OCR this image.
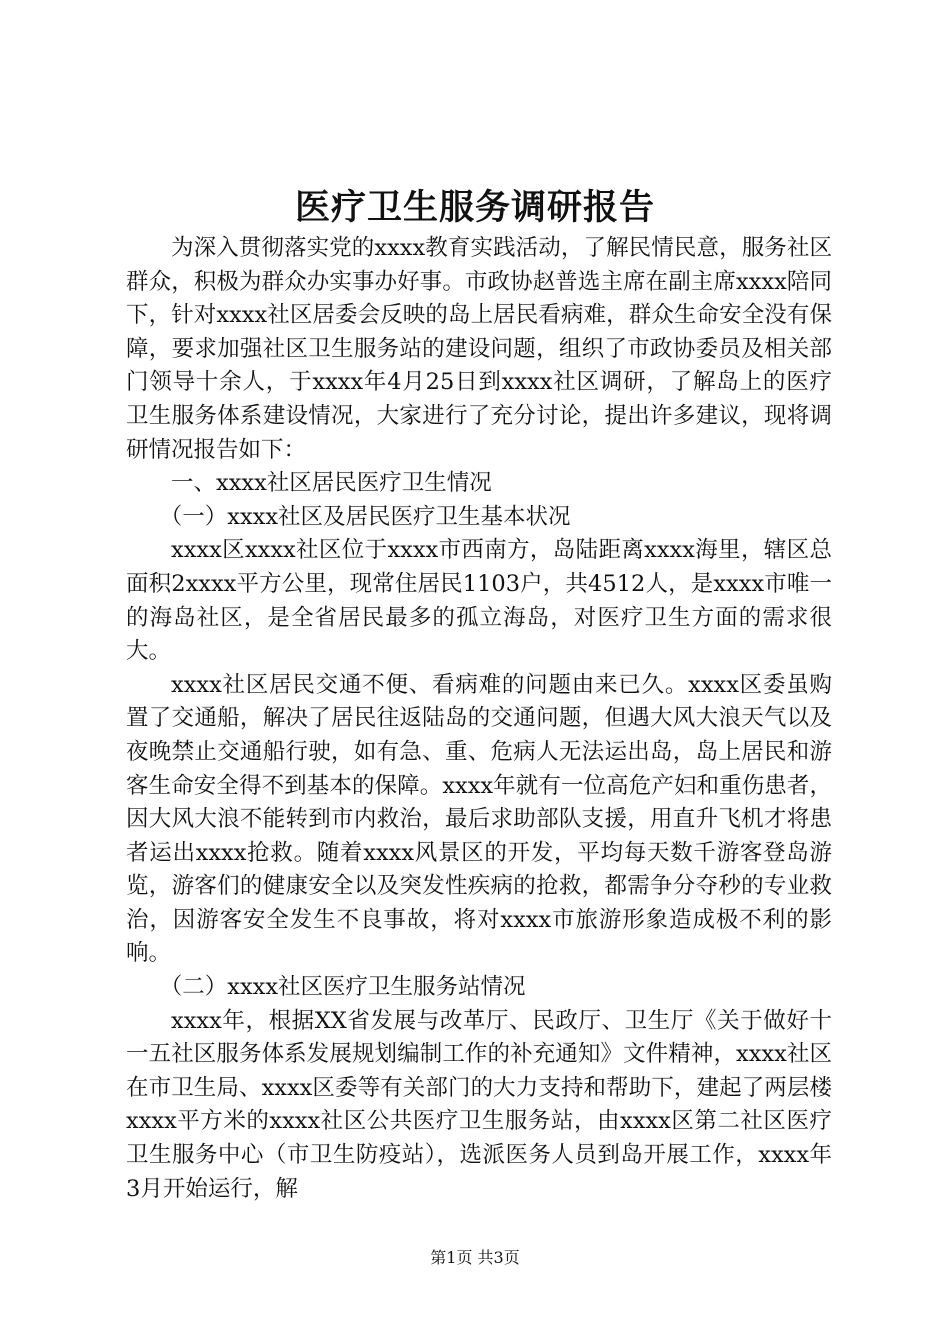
医疗卫生服务调研报告

为深入贯彻落实党的xxxx教育实践活动，了解民情民意，服务社区群众，积极为群众办实事办好事。市政协赵普选主席在副主席xxxx陪同下，针对xxxx社区居委会反映的岛上居民看病难，群众生命安全没有保障，要求加强社区卫生服务站的建设问题，组织了市政协委员及相关部门领导十余人，于xxxx年4月25日到xxxx社区调研，了解岛上的医疗卫生服务体系建设情况，大家进行了充分讨论，提出许多建议，现将调研情况报告如下：

一、xxxx社区居民医疗卫生情况

（一）xxxx社区及居民医疗卫生基本状况

xxxx区xxxx社区位于xxxx市西南方，岛陆距离xxxx海里，辖区总面积2xxxx平方公里，现常住居民1103户，共4512人，是xxxx市唯一的海岛社区，是全省居民最多的孤立海岛，对医疗卫生方面的需求很大。

xxxx社区居民交通不便、看病难的问题由来已久。xxxx区委虽购置了交通船，解决了居民往返陆岛的交通问题，但遇大风大浪天气以及夜晚禁止交通船行驶，如有急、重、危病人无法运出岛，岛上居民和游客生命安全得不到基本的保障。xxxx年就有一位高危产妇和重伤患者，因大风大浪不能转到市内救治，最后求助部队支援，用直升飞机才将患者运出xxxx抢救。随着xxxx风景区的开发，平均每天数千游客登岛游览，游客们的健康安全以及突发性疾病的抢救，都需争分夺秒的专业救治，因游客安全发生不良事故，将对xxxx市旅游形象造成极不利的影响。

（二）xxxx社区医疗卫生服务站情况

xxxx年，根据XX省发展与改革厅、民政厅、卫生厅《关于做好十一五社区服务体系发展规划编制工作的补充通知》文件精神，xxxx社区在市卫生局、xxxx区委等有关部门的大力支持和帮助下，建起了两层楼xxxx平方米的xxxx社区公共医疗卫生服务站，由xxxx区第二社区医疗卫生服务中心（市卫生防疫站），选派医务人员到岛开展工作，xxxx年3月开始运行，解

第1页 共3页
